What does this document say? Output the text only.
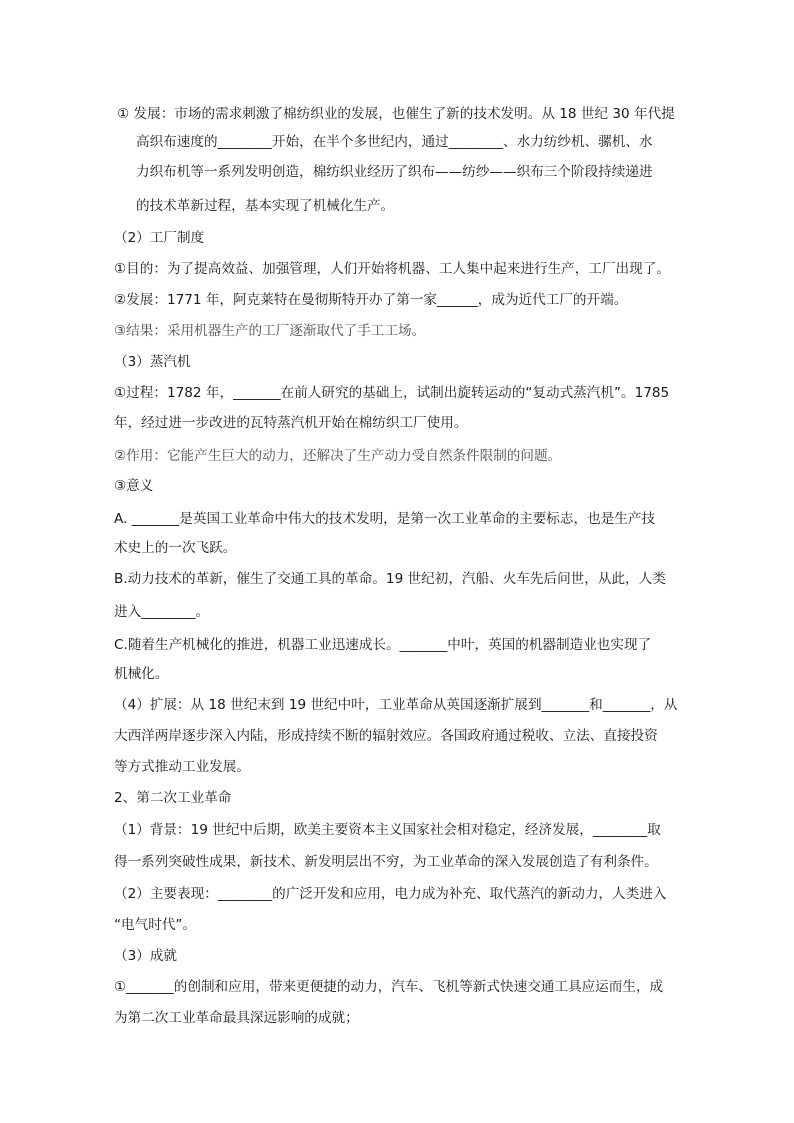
① 发展：市场的需求刺激了棉纺织业的发展，也催生了新的技术发明。从 18 世纪 30 年代提
高织布速度的________开始，在半个多世纪内，通过________、水力纺纱机、骡机、水
力织布机等一系列发明创造，棉纺织业经历了织布——纺纱——织布三个阶段持续递进
的技术革新过程，基本实现了机械化生产。
（2）工厂制度
①目的：为了提高效益、加强管理，人们开始将机器、工人集中起来进行生产，工厂出现了。
②发展：1771 年，阿克莱特在曼彻斯特开办了第一家______，成为近代工厂的开端。
③结果：采用机器生产的工厂逐渐取代了手工工场。
（3）蒸汽机
①过程：1782 年，_______在前人研究的基础上，试制出旋转运动的“复动式蒸汽机”。1785
年，经过进一步改进的瓦特蒸汽机开始在棉纺织工厂使用。
②作用：它能产生巨大的动力，还解决了生产动力受自然条件限制的问题。
③意义
A. _______是英国工业革命中伟大的技术发明，是第一次工业革命的主要标志，也是生产技
术史上的一次飞跃。
B.动力技术的革新，催生了交通工具的革命。19 世纪初，汽船、火车先后问世，从此，人类
进入________。
C.随着生产机械化的推进，机器工业迅速成长。_______中叶，英国的机器制造业也实现了
机械化。
（4）扩展：从 18 世纪末到 19 世纪中叶，工业革命从英国逐渐扩展到_______和_______，从
大西洋两岸逐步深入内陆，形成持续不断的辐射效应。各国政府通过税收、立法、直接投资
等方式推动工业发展。
2、第二次工业革命
（1）背景：19 世纪中后期，欧美主要资本主义国家社会相对稳定，经济发展，________取
得一系列突破性成果，新技术、新发明层出不穷，为工业革命的深入发展创造了有利条件。
（2）主要表现：________的广泛开发和应用，电力成为补充、取代蒸汽的新动力，人类进入
“电气时代”。
（3）成就
①_______的创制和应用，带来更便捷的动力，汽车、飞机等新式快速交通工具应运而生，成
为第二次工业革命最具深远影响的成就；
